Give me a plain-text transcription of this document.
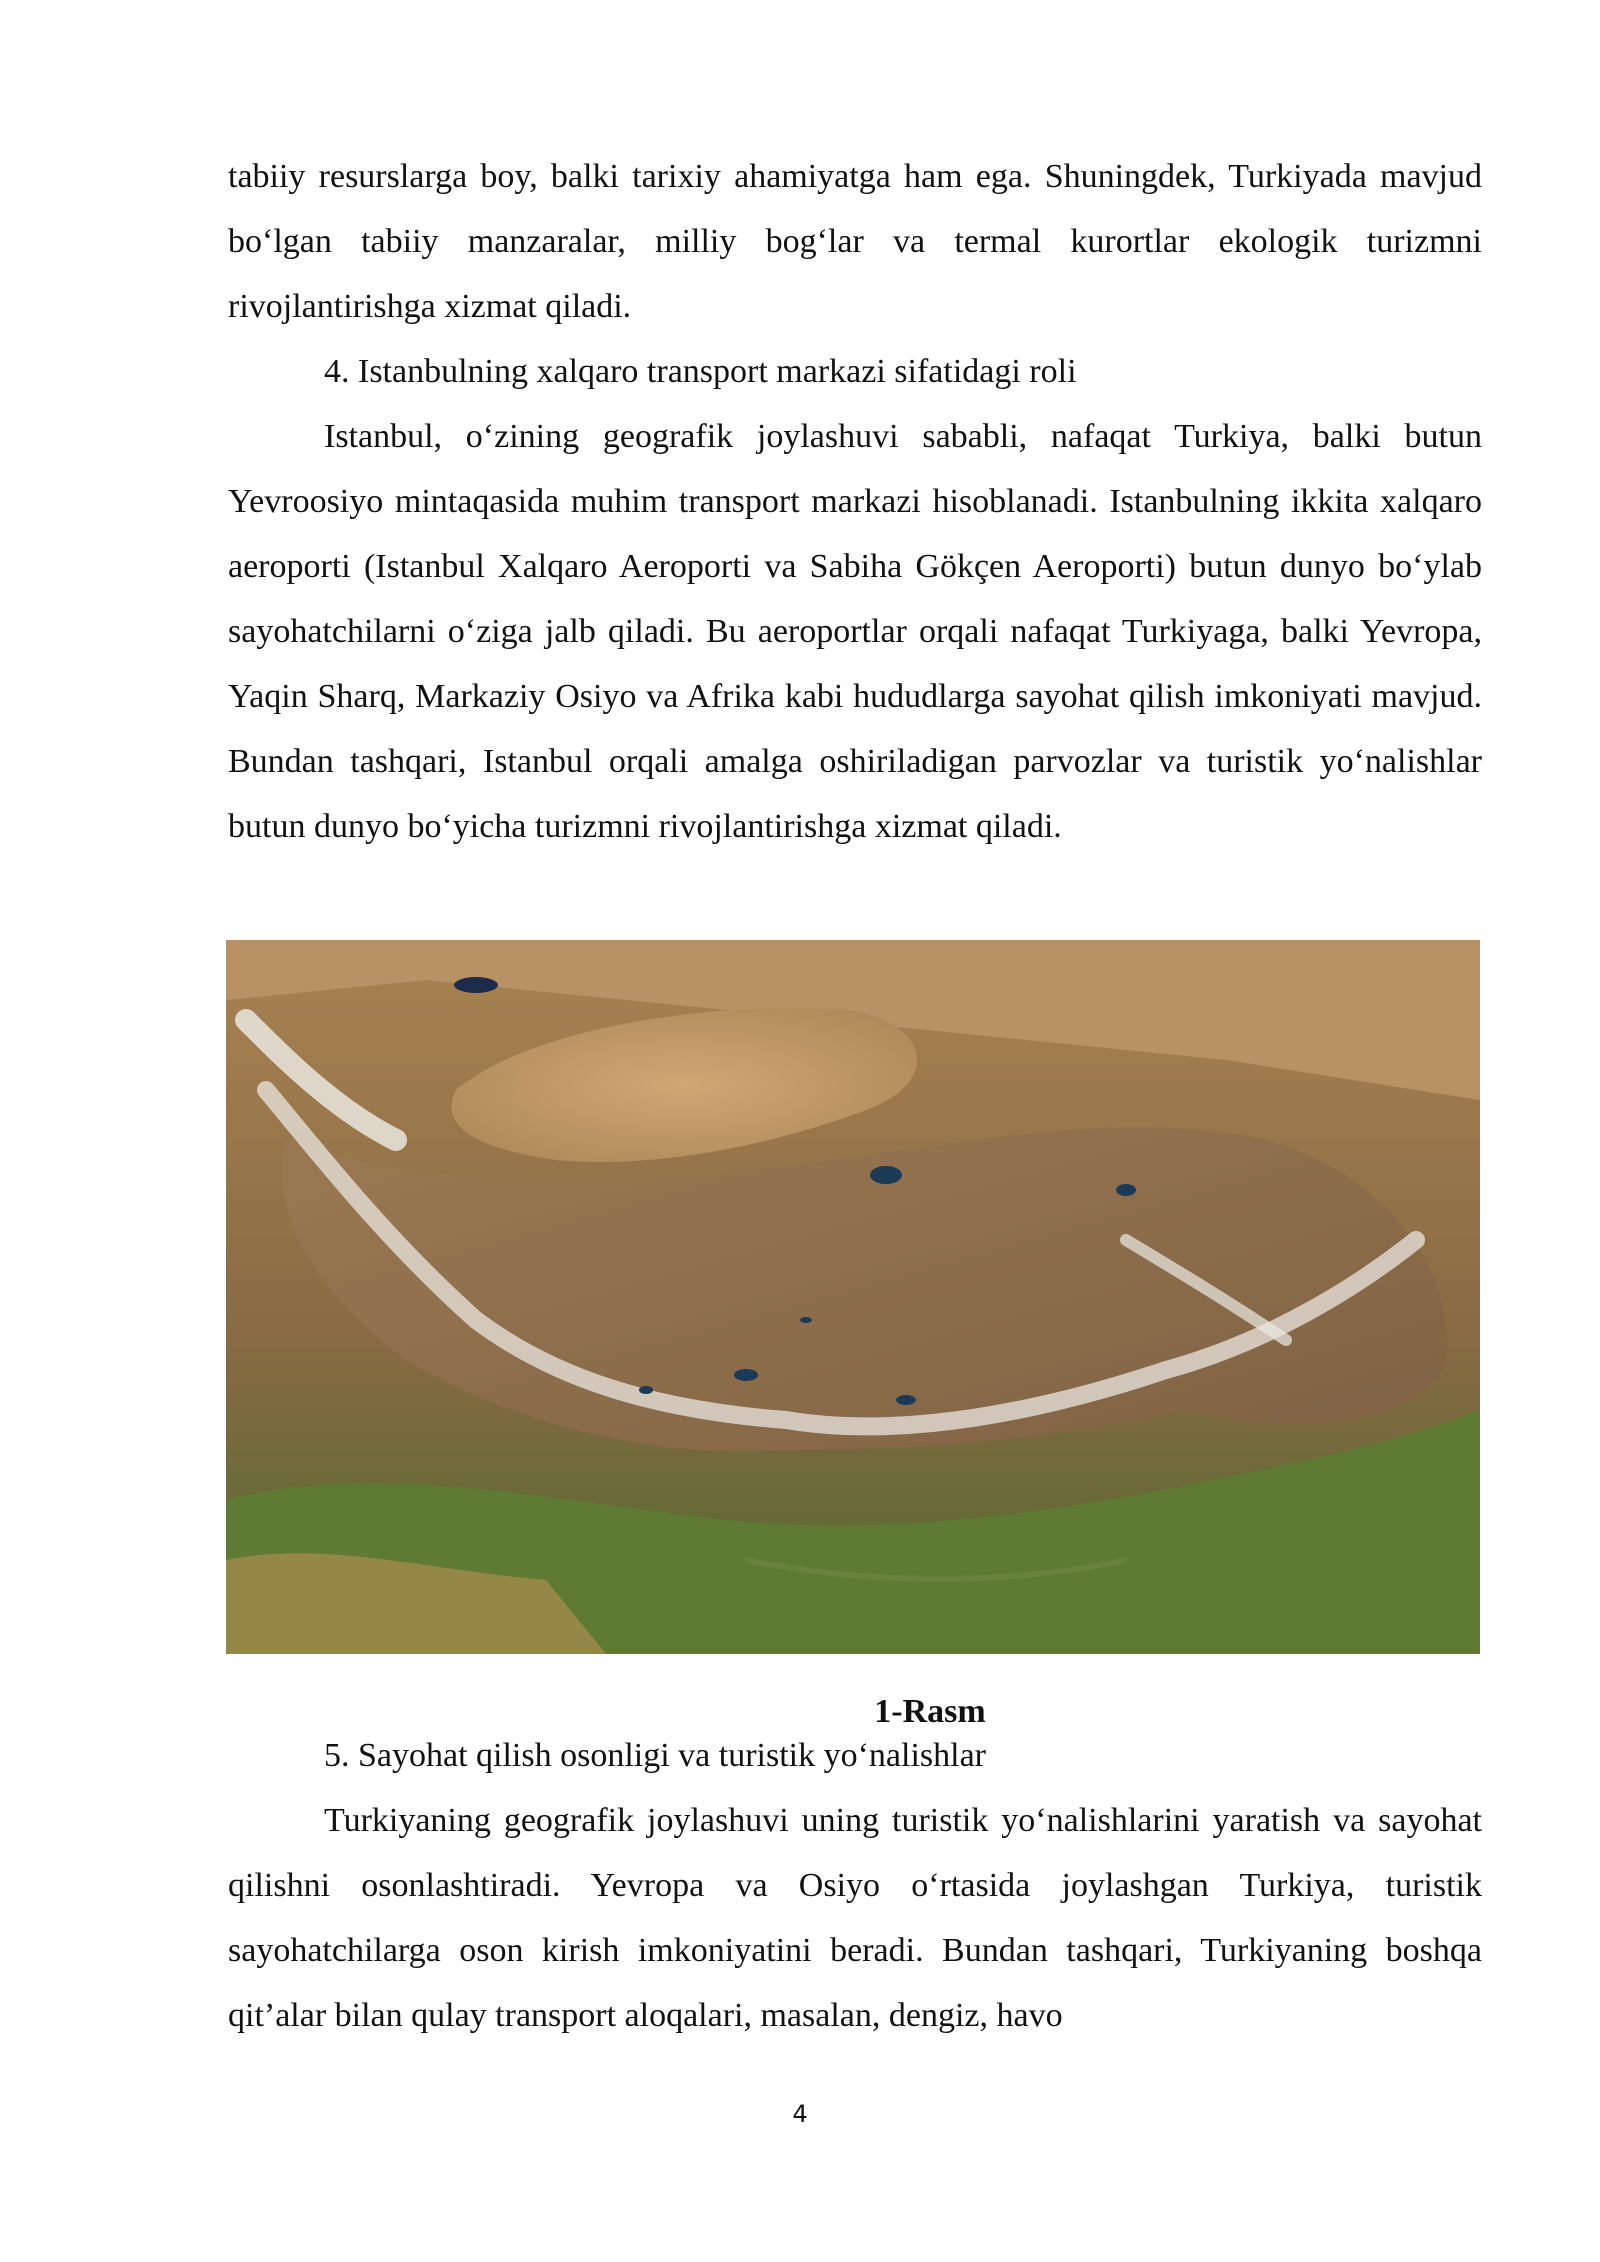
tabiiy resurslarga boy, balki tarixiy ahamiyatga ham ega. Shuningdek, Turkiyada mavjud bo‘lgan tabiiy manzaralar, milliy bog‘lar va termal kurortlar ekologik turizmni rivojlantirishga xizmat qiladi.

4. Istanbulning xalqaro transport markazi sifatidagi roli

Istanbul, o‘zining geografik joylashuvi sababli, nafaqat Turkiya, balki butun Yevroosiyo mintaqasida muhim transport markazi hisoblanadi. Istanbulning ikkita xalqaro aeroporti (Istanbul Xalqaro Aeroporti va Sabiha Gökçen Aeroporti) butun dunyo bo‘ylab sayohatchilarni o‘ziga jalb qiladi. Bu aeroportlar orqali nafaqat Turkiyaga, balki Yevropa, Yaqin Sharq, Markaziy Osiyo va Afrika kabi hududlarga sayohat qilish imkoniyati mavjud. Bundan tashqari, Istanbul orqali amalga oshiriladigan parvozlar va turistik yo‘nalishlar butun dunyo bo‘yicha turizmni rivojlantirishga xizmat qiladi.

1-Rasm

5. Sayohat qilish osonligi va turistik yo‘nalishlar

Turkiyaning geografik joylashuvi uning turistik yo‘nalishlarini yaratish va sayohat qilishni osonlashtiradi. Yevropa va Osiyo o‘rtasida joylashgan Turkiya, turistik sayohatchilarga oson kirish imkoniyatini beradi. Bundan tashqari, Turkiyaning boshqa qit’alar bilan qulay transport aloqalari, masalan, dengiz, havo

4
